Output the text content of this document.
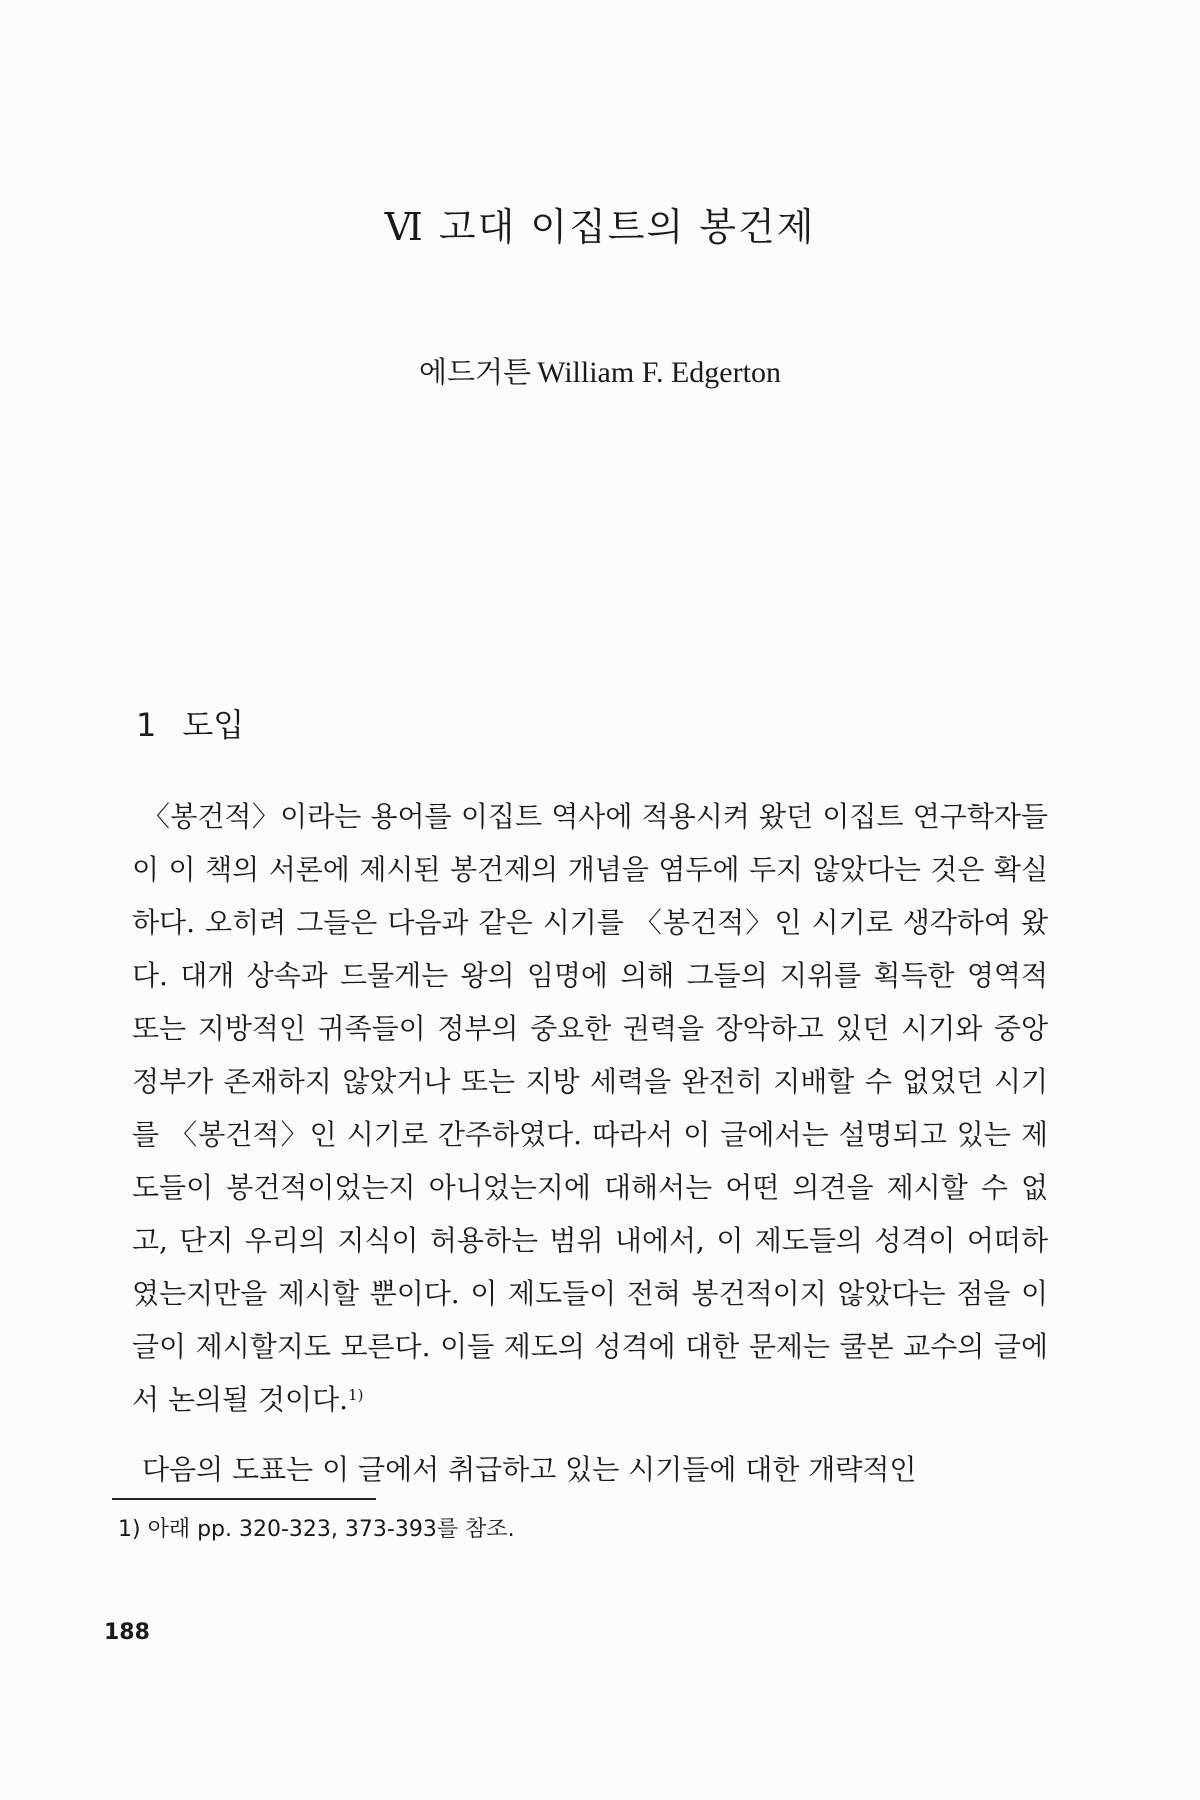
Ⅵ 고대 이집트의 봉건제
에드거튼 William F. Edgerton
1 도입

〈봉건적〉이라는 용어를 이집트 역사에 적용시켜 왔던 이집트 연구학자들이 이 책의 서론에 제시된 봉건제의 개념을 염두에 두지 않았다는 것은 확실하다. 오히려 그들은 다음과 같은 시기를 〈봉건적〉인 시기로 생각하여 왔다. 대개 상속과 드물게는 왕의 임명에 의해 그들의 지위를 획득한 영역적 또는 지방적인 귀족들이 정부의 중요한 권력을 장악하고 있던 시기와 중앙 정부가 존재하지 않았거나 또는 지방 세력을 완전히 지배할 수 없었던 시기를 〈봉건적〉인 시기로 간주하였다. 따라서 이 글에서는 설명되고 있는 제도들이 봉건적이었는지 아니었는지에 대해서는 어떤 의견을 제시할 수 없고, 단지 우리의 지식이 허용하는 범위 내에서, 이 제도들의 성격이 어떠하였는지만을 제시할 뿐이다. 이 제도들이 전혀 봉건적이지 않았다는 점을 이 글이 제시할지도 모른다. 이들 제도의 성격에 대한 문제는 쿨본 교수의 글에서 논의될 것이다.$^{1)}$

다음의 도표는 이 글에서 취급하고 있는 시기들에 대한 개략적인

1) 아래 pp. 320-323, 373-393를 참조.
188
